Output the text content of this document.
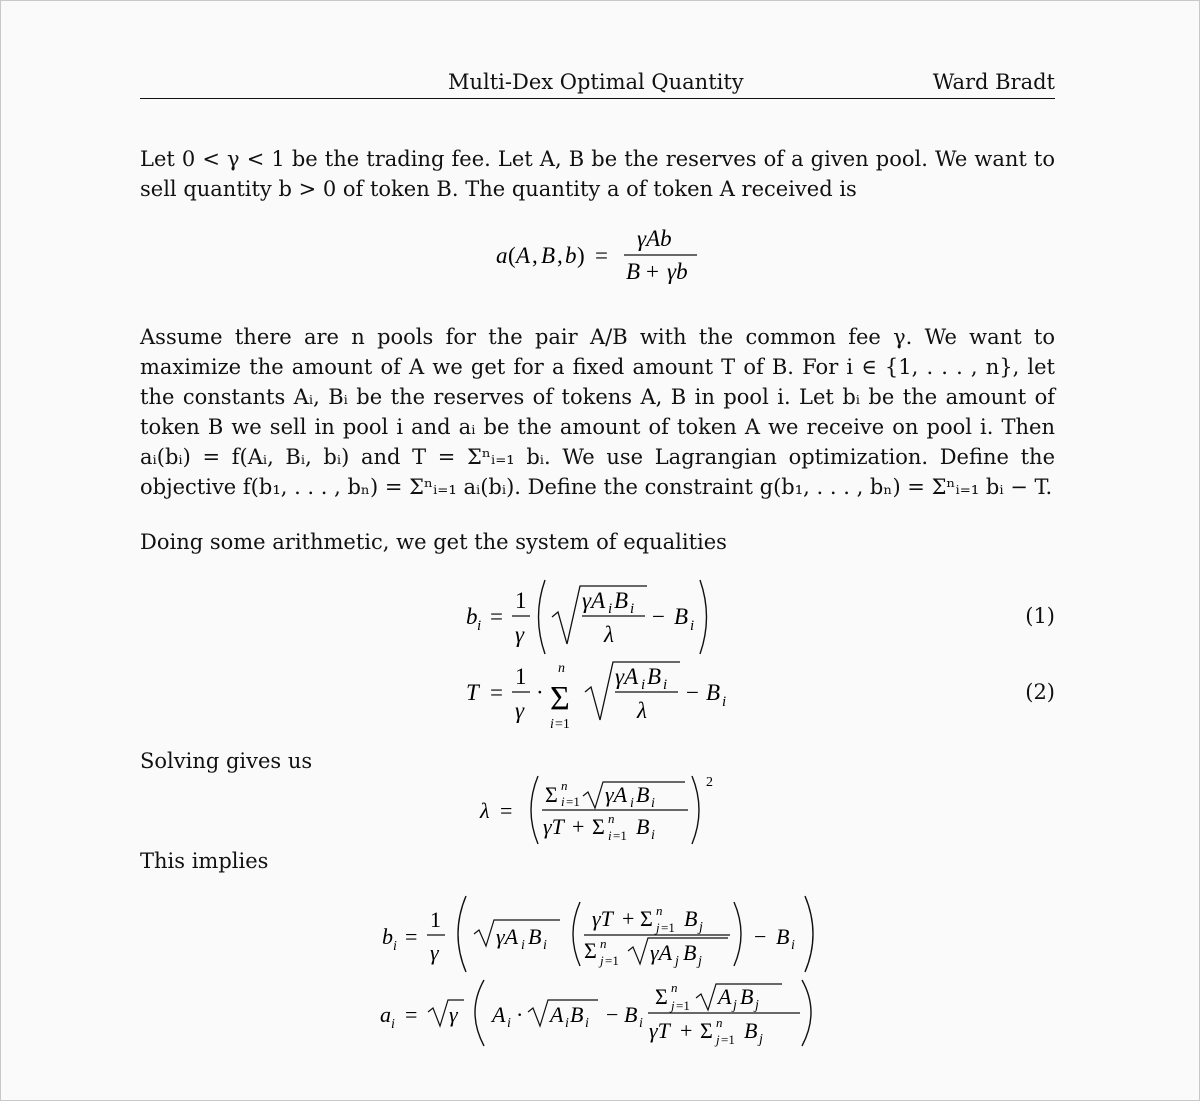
Multi-Dex Optimal Quantity	Ward Bradt

Let 0 < γ < 1 be the trading fee. Let A, B be the reserves of a given pool. We want to sell quantity b > 0 of token B. The quantity a of token A received is

a ( A , B , b ) =
γAb
B + γb

Assume there are n pools for the pair A/B with the common fee γ. We want to maximize the amount of A we get for a fixed amount T of B. For i ∈ {1, . . . , n}, let the constants Aᵢ, Bᵢ be the reserves of tokens A, B in pool i. Let bᵢ be the amount of token B we sell in pool i and aᵢ be the amount of token A we receive on pool i. Then aᵢ(bᵢ) = f(Aᵢ, Bᵢ, bᵢ) and T = Σⁿᵢ₌₁ bᵢ. We use Lagrangian optimization. Define the objective f(b₁, . . . , bₙ) = Σⁿᵢ₌₁ aᵢ(bᵢ). Define the constraint g(b₁, . . . , bₙ) = Σⁿᵢ₌₁ bᵢ − T.

Doing some arithmetic, we get the system of equalities
b i =
1
γ
γA i B i
λ
− B i
T =
1
γ
·
n
Σ
i =1
γA i B i
λ
− B i
(1)
(2)
Solving gives us
λ =
Σ n
i =1 γA i B i
γT + Σ n
i =1 B i
2
This implies
b i =
1
γ
γA i B i
γT + Σ n
j =1 B j
Σ n
j =1 γA j B j
− B i
a i = γ A i · A i B i − B i
Σ n
j =1 A j B j
γT + Σ n
j =1 B j
